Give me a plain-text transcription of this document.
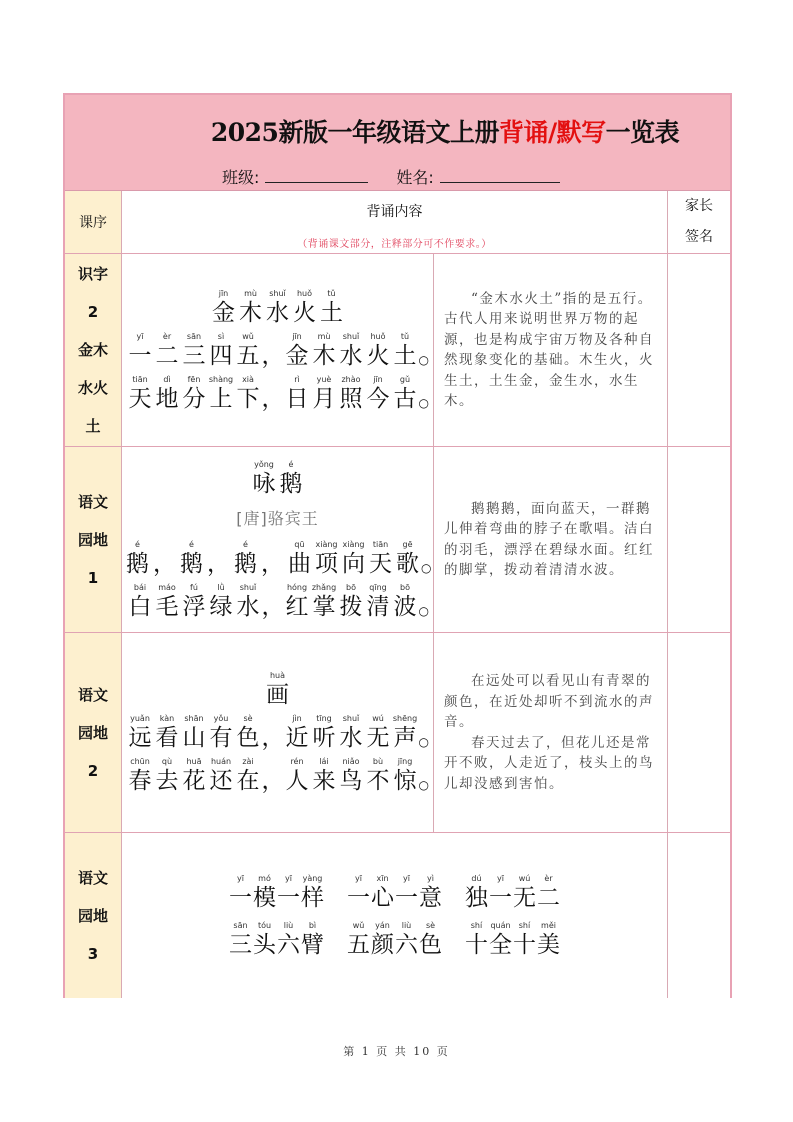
2025新版一年级语文上册背诵/默写一览表
班级:	姓名:
课序
背诵内容
（背诵课文部分，注释部分可不作要求。）
家长
签名
识字
2
金木
水火
土
jīn
金
mù
木
shuǐ
水
huǒ
火
tǔ
土
yī
一
èr
二
sān
三
sì
四
wǔ
五 ，
jīn
金
mù
木
shuǐ
水
huǒ
火
tǔ
土 ○
tiān
天
dì
地
fēn
分
shàng
上
xià
下 ，
rì
日
yuè
月
zhào
照
jīn
今
gǔ
古 ○

“金木水火土”指的是五行。古代人用来说明世界万物的起源，也是构成宇宙万物及各种自然现象变化的基础。木生火，火生土，土生金，金生水，水生木。

语文
园地
1
yǒng
咏
é
鹅
[唐]骆宾王
é
鹅 ，
é
鹅 ，
é
鹅 ，
qū
曲
xiàng
项
xiàng
向
tiān
天
gē
歌 ○
bái
白
máo
毛
fú
浮
lǜ
绿
shuǐ
水 ，
hóng
红
zhǎng
掌
bō
拨
qīng
清
bō
波 ○

鹅鹅鹅，面向蓝天，一群鹅儿伸着弯曲的脖子在歌唱。洁白的羽毛，漂浮在碧绿水面。红红的脚掌，拨动着清清水波。

语文
园地
2
huà
画
yuǎn
远
kàn
看
shān
山
yǒu
有
sè
色 ，
jìn
近
tīng
听
shuǐ
水
wú
无
shēng
声 ○
chūn
春
qù
去
huā
花
huán
还
zài
在 ，
rén
人
lái
来
niǎo
鸟
bù
不
jīng
惊 ○

在远处可以看见山有青翠的颜色，在近处却听不到流水的声音。

春天过去了，但花儿还是常开不败，人走近了，枝头上的鸟儿却没感到害怕。

语文
园地
3
yī
一
mó
模
yī
一
yàng
样
yī
一
xīn
心
yī
一
yì
意
dú
独
yī
一
wú
无
èr
二
sān
三
tóu
头
liù
六
bì
臂
wǔ
五
yán
颜
liù
六
sè
色
shí
十
quán
全
shí
十
měi
美
第 1 页 共 10 页
